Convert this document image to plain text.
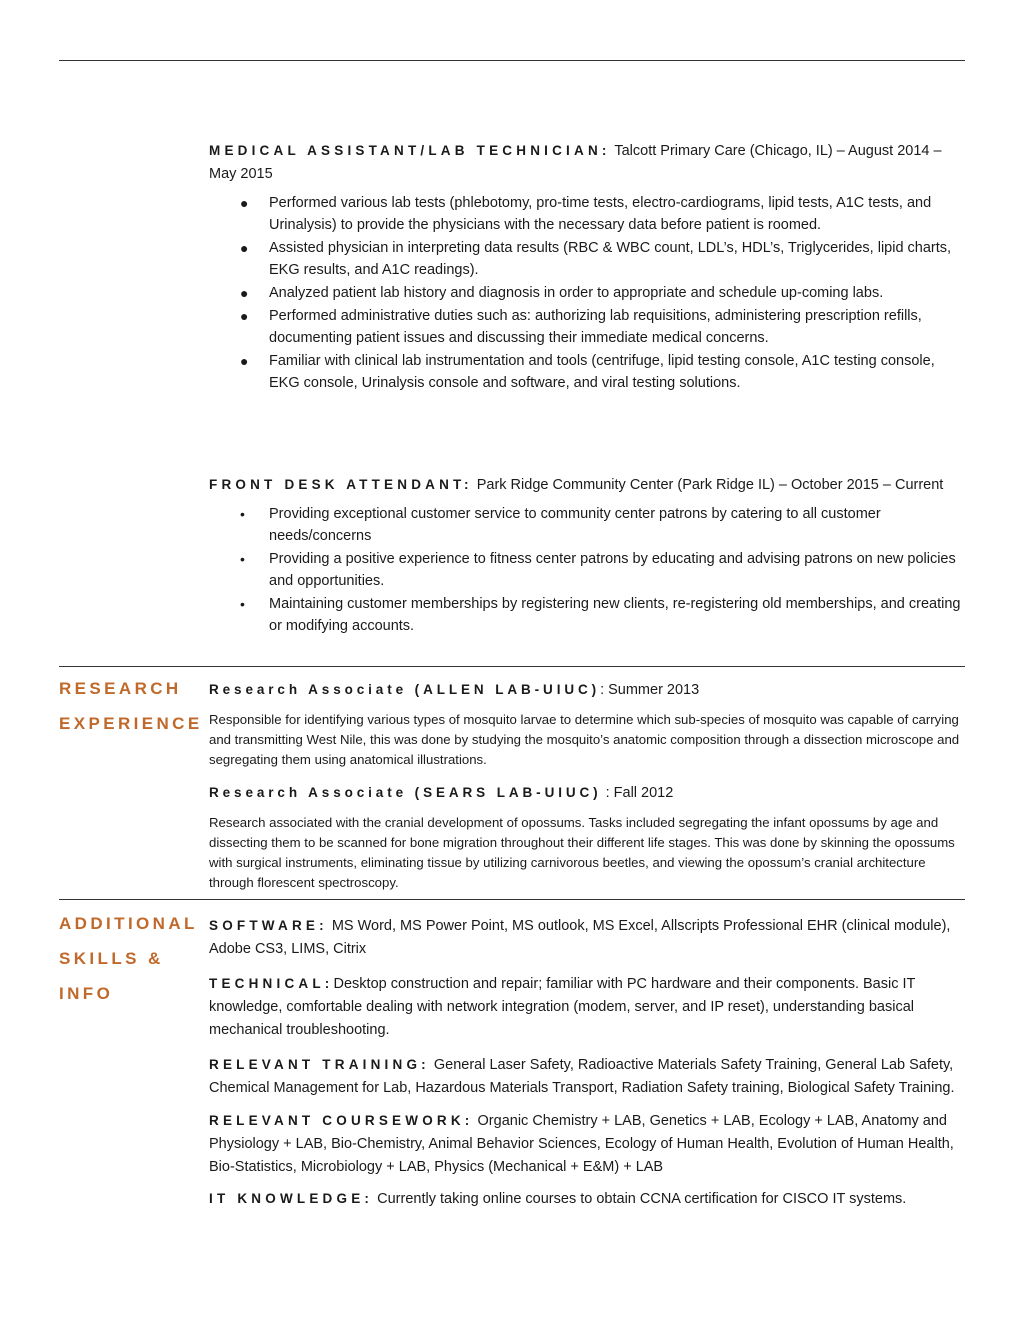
MEDICAL ASSISTANT/LAB TECHNICIAN: Talcott Primary Care (Chicago, IL) – August 2014 – May 2015
● Performed various lab tests (phlebotomy, pro-time tests, electro-cardiograms, lipid tests, A1C tests, and Urinalysis) to provide the physicians with the necessary data before patient is roomed.
● Assisted physician in interpreting data results (RBC & WBC count, LDL’s, HDL’s, Triglycerides, lipid charts, EKG results, and A1C readings).
● Analyzed patient lab history and diagnosis in order to appropriate and schedule up-coming labs.
● Performed administrative duties such as: authorizing lab requisitions, administering prescription refills, documenting patient issues and discussing their immediate medical concerns.
● Familiar with clinical lab instrumentation and tools (centrifuge, lipid testing console, A1C testing console, EKG console, Urinalysis console and software, and viral testing solutions.
FRONT DESK ATTENDANT: Park Ridge Community Center (Park Ridge IL) – October 2015 – Current
• Providing exceptional customer service to community center patrons by catering to all customer needs/concerns
• Providing a positive experience to fitness center patrons by educating and advising patrons on new policies and opportunities.
• Maintaining customer memberships by registering new clients, re-registering old memberships, and creating or modifying accounts.
RESEARCH
EXPERIENCE
Research Associate (ALLEN LAB-UIUC): Summer 2013
Responsible for identifying various types of mosquito larvae to determine which sub-species of mosquito was capable of carrying and transmitting West Nile, this was done by studying the mosquito’s anatomic composition through a dissection microscope and segregating them using anatomical illustrations.
Research Associate (SEARS LAB-UIUC) : Fall 2012
Research associated with the cranial development of opossums. Tasks included segregating the infant opossums by age and dissecting them to be scanned for bone migration throughout their different life stages. This was done by skinning the opossums with surgical instruments, eliminating tissue by utilizing carnivorous beetles, and viewing the opossum’s cranial architecture through florescent spectroscopy.
ADDITIONAL
SKILLS &
INFO

SOFTWARE: MS Word, MS Power Point, MS outlook, MS Excel, Allscripts Professional EHR (clinical module), Adobe CS3, LIMS, Citrix

TECHNICAL:Desktop construction and repair; familiar with PC hardware and their components. Basic IT knowledge, comfortable dealing with network integration (modem, server, and IP reset), understanding basical mechanical troubleshooting.

RELEVANT TRAINING: General Laser Safety, Radioactive Materials Safety Training, General Lab Safety, Chemical Management for Lab, Hazardous Materials Transport, Radiation Safety training, Biological Safety Training.

RELEVANT COURSEWORK: Organic Chemistry + LAB, Genetics + LAB, Ecology + LAB, Anatomy and Physiology + LAB, Bio-Chemistry, Animal Behavior Sciences, Ecology of Human Health, Evolution of Human Health, Bio-Statistics, Microbiology + LAB, Physics (Mechanical + E&M) + LAB

IT KNOWLEDGE: Currently taking online courses to obtain CCNA certification for CISCO IT systems.
